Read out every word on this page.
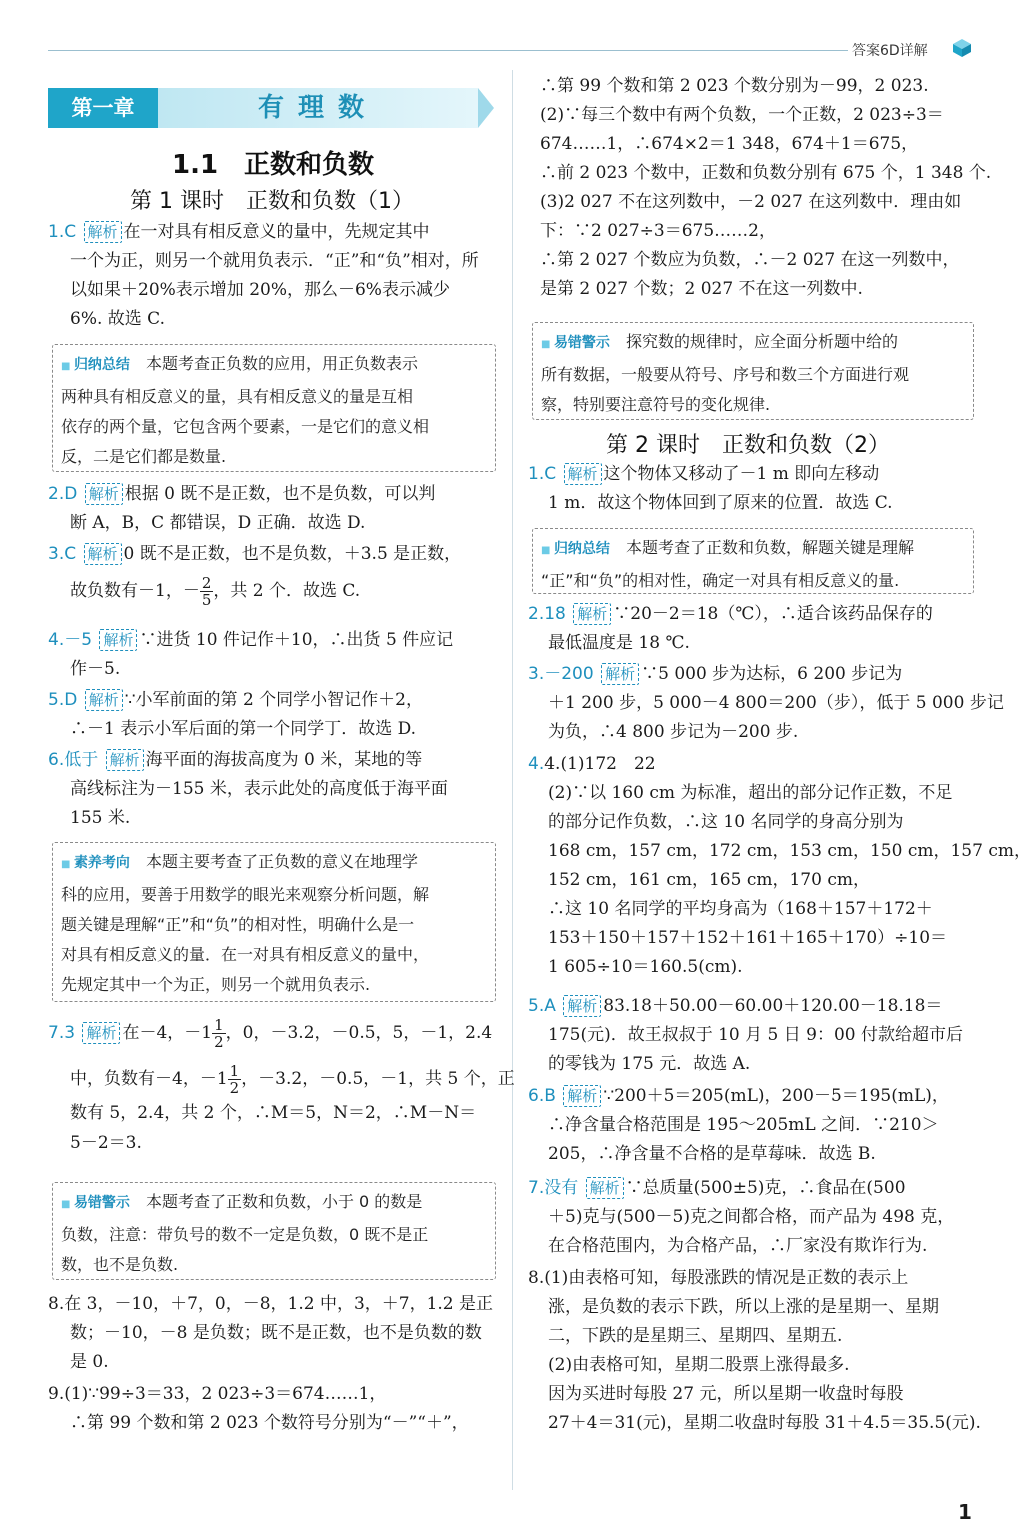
答案6D详解
第一章	有理数
1.1　正数和负数
第 1 课时　正数和负数（1）
1.C 解析 在一对具有相反意义的量中，先规定其中
一个为正，则另一个就用负表示．“正”和“负”相对，所
以如果＋20%表示增加 20%，那么－6%表示减少
6%. 故选 C.
■ 归纳总结　 本题考查正负数的应用，用正负数表示
两种具有相反意义的量，具有相反意义的量是互相
依存的两个量，它包含两个要素，一是它们的意义相
反，二是它们都是数量.
2.D 解析 根据 0 既不是正数，也不是负数，可以判
断 A，B，C 都错误，D 正确．故选 D.
3.C 解析 0 既不是正数，也不是负数，＋3.5 是正数，
故负数有－1，－ $\frac{2}{5}$ ，共 2 个．故选 C.
4.－5 解析 ∵进货 10 件记作＋10，∴出货 5 件应记
作－5.
5.D 解析 ∵小军前面的第 2 个同学小智记作＋2，
∴－1 表示小军后面的第一个同学丁．故选 D.
6.低于 解析 海平面的海拔高度为 0 米，某地的等
高线标注为－155 米，表示此处的高度低于海平面
155 米.
■ 素养考向　 本题主要考查了正负数的意义在地理学
科的应用，要善于用数学的眼光来观察分析问题，解
题关键是理解“正”和“负”的相对性，明确什么是一
对具有相反意义的量．在一对具有相反意义的量中，
先规定其中一个为正，则另一个就用负表示.
7.3 解析 在－4，$-1 \frac{1}{2}$ ，0，－3.2，－0.5，5，－1，2.4
中，负数有－4，$-1 \frac{1}{2}$ ，－3.2，－0.5，－1，共 5 个，正
数有 5，2.4，共 2 个，∴M＝5，N＝2，∴M－N＝
5－2＝3.
■ 易错警示　 本题考查了正数和负数，小于 0 的数是
负数，注意：带负号的数不一定是负数，0 既不是正
数，也不是负数.
8.在 3，－10，＋7，0，－8，1.2 中，3，＋7，1.2 是正
数；－10，－8 是负数；既不是正数，也不是负数的数
是 0.
9.(1)∵99÷3＝33，2 023÷3＝674……1，
∴第 99 个数和第 2 023 个数符号分别为“－”“＋”，
∴第 99 个数和第 2 023 个数分别为－99，2 023.
(2)∵每三个数中有两个负数，一个正数，2 023÷3＝
674……1，∴674×2＝1 348，674＋1＝675，
∴前 2 023 个数中，正数和负数分别有 675 个，1 348 个.
(3)2 027 不在这列数中，－2 027 在这列数中．理由如
下：∵2 027÷3＝675……2，
∴第 2 027 个数应为负数，∴－2 027 在这一列数中，
是第 2 027 个数；2 027 不在这一列数中.
■ 易错警示　 探究数的规律时，应全面分析题中给的
所有数据，一般要从符号、序号和数三个方面进行观
察，特别要注意符号的变化规律.
第 2 课时　正数和负数（2）
1.C 解析 这个物体又移动了－1 m 即向左移动
1 m．故这个物体回到了原来的位置．故选 C.
■ 归纳总结　 本题考查了正数和负数，解题关键是理解
“正”和“负”的相对性，确定一对具有相反意义的量.
2.18 解析 ∵20－2＝18（℃），∴适合该药品保存的
最低温度是 18 ℃.
3.－200 解析 ∵5 000 步为达标，6 200 步记为
＋1 200 步，5 000－4 800＝200（步），低于 5 000 步记
为负，∴4 800 步记为－200 步.
4.4.(1)172　22
(2)∵以 160 cm 为标准，超出的部分记作正数，不足
的部分记作负数，∴这 10 名同学的身高分别为
168 cm，157 cm，172 cm，153 cm，150 cm，157 cm，
152 cm，161 cm，165 cm，170 cm，
∴这 10 名同学的平均身高为（168＋157＋172＋
153＋150＋157＋152＋161＋165＋170）÷10＝
1 605÷10＝160.5(cm).
5.A 解析 83.18＋50.00－60.00＋120.00－18.18＝
175(元)．故王叔叔于 10 月 5 日 9：00 付款给超市后
的零钱为 175 元．故选 A.
6.B 解析 ∵200＋5＝205(mL)，200－5＝195(mL)，
∴净含量合格范围是 195～205mL 之间．∵210＞
205，∴净含量不合格的是草莓味．故选 B.
7.没有 解析 ∵总质量(500±5)克，∴食品在(500
＋5)克与(500－5)克之间都合格，而产品为 498 克，
在合格范围内，为合格产品，∴厂家没有欺诈行为.
8.(1)由表格可知，每股涨跌的情况是正数的表示上
涨，是负数的表示下跌，所以上涨的是星期一、星期
二，下跌的是星期三、星期四、星期五.
(2)由表格可知，星期二股票上涨得最多.
因为买进时每股 27 元，所以星期一收盘时每股
27＋4＝31(元)，星期二收盘时每股 31＋4.5＝35.5(元).
1
